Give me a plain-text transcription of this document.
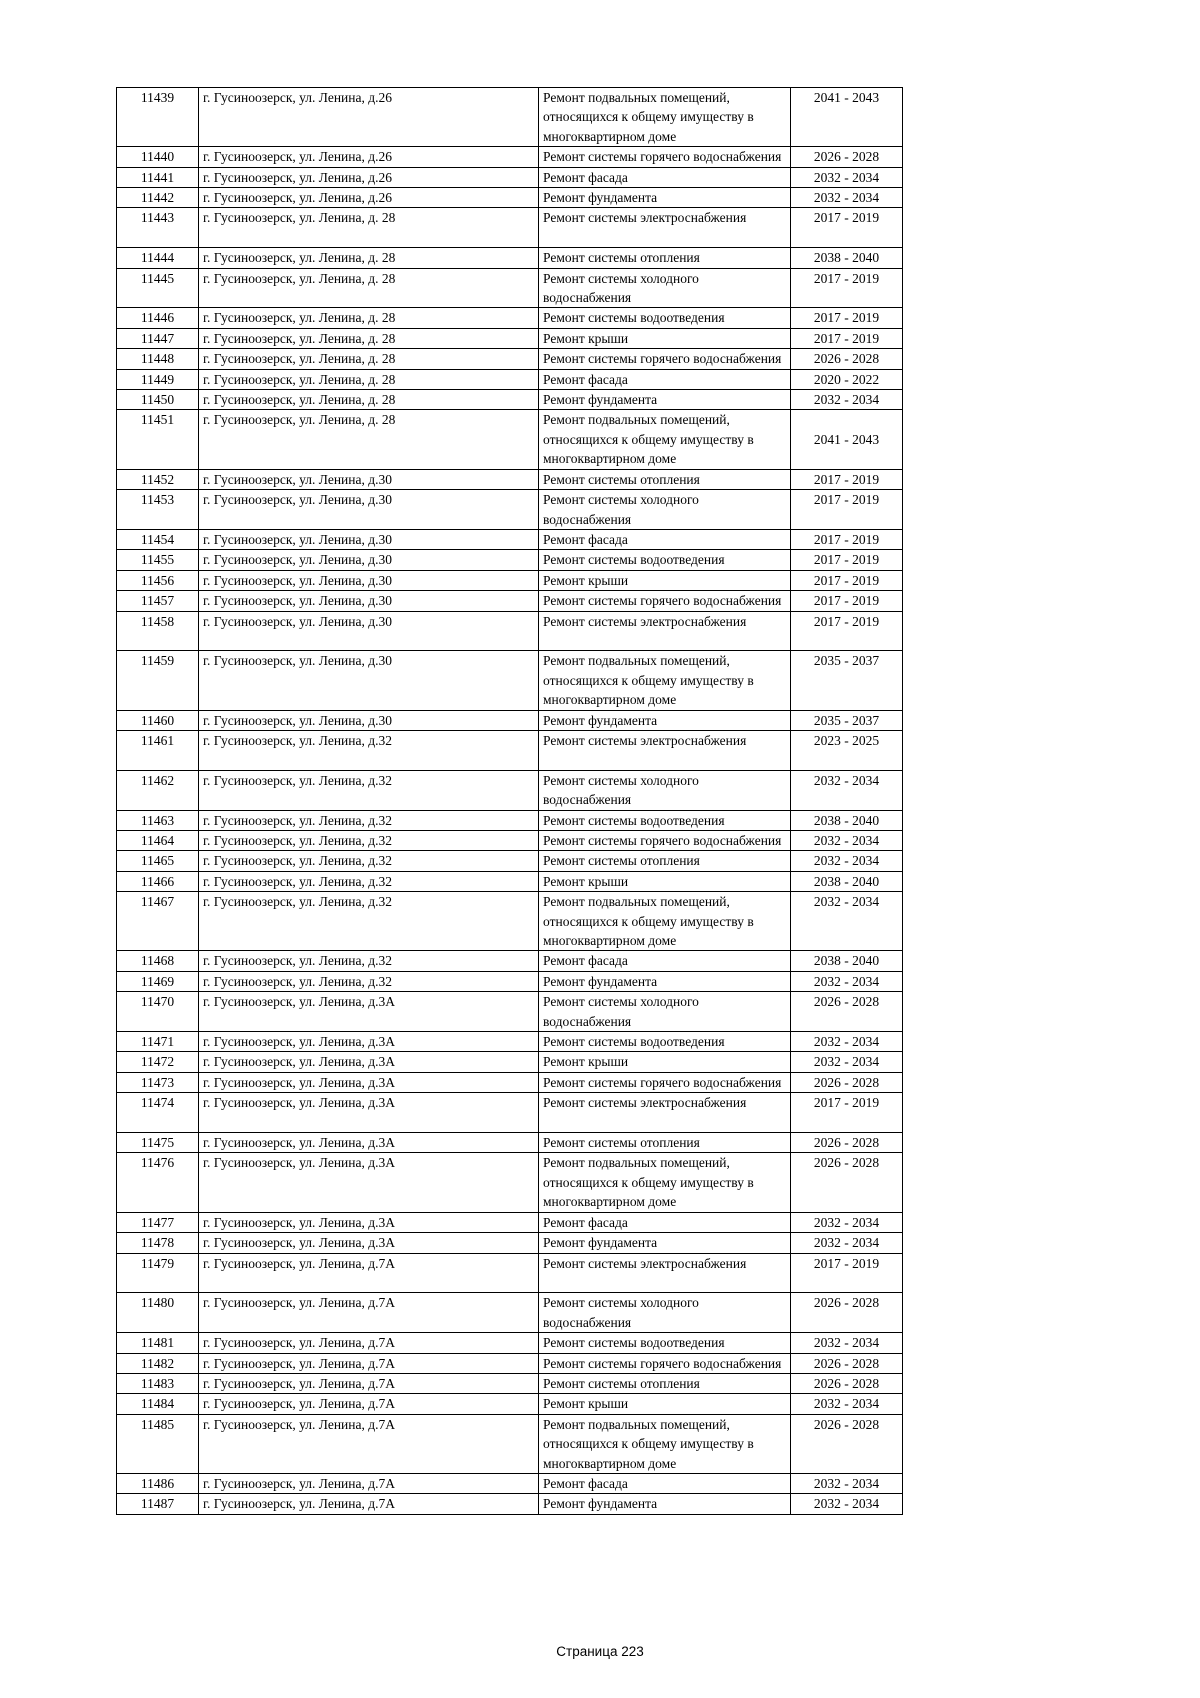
11439	г. Гусиноозерск, ул. Ленина, д.26	Ремонт подвальных помещений, относящихся к общему имуществу в многоквартирном доме	2041 - 2043
11440	г. Гусиноозерск, ул. Ленина, д.26	Ремонт системы горячего водоснабжения	2026 - 2028
11441	г. Гусиноозерск, ул. Ленина, д.26	Ремонт фасада	2032 - 2034
11442	г. Гусиноозерск, ул. Ленина, д.26	Ремонт фундамента	2032 - 2034
11443	г. Гусиноозерск, ул. Ленина, д. 28	Ремонт системы электроснабжения	2017 - 2019
11444	г. Гусиноозерск, ул. Ленина, д. 28	Ремонт системы отопления	2038 - 2040
11445	г. Гусиноозерск, ул. Ленина, д. 28	Ремонт системы холодного водоснабжения	2017 - 2019
11446	г. Гусиноозерск, ул. Ленина, д. 28	Ремонт системы водоотведения	2017 - 2019
11447	г. Гусиноозерск, ул. Ленина, д. 28	Ремонт крыши	2017 - 2019
11448	г. Гусиноозерск, ул. Ленина, д. 28	Ремонт системы горячего водоснабжения	2026 - 2028
11449	г. Гусиноозерск, ул. Ленина, д. 28	Ремонт фасада	2020 - 2022
11450	г. Гусиноозерск, ул. Ленина, д. 28	Ремонт фундамента	2032 - 2034
11451	г. Гусиноозерск, ул. Ленина, д. 28	Ремонт подвальных помещений, относящихся к общему имуществу в многоквартирном доме	2041 - 2043
11452	г. Гусиноозерск, ул. Ленина, д.30	Ремонт системы отопления	2017 - 2019
11453	г. Гусиноозерск, ул. Ленина, д.30	Ремонт системы холодного водоснабжения	2017 - 2019
11454	г. Гусиноозерск, ул. Ленина, д.30	Ремонт фасада	2017 - 2019
11455	г. Гусиноозерск, ул. Ленина, д.30	Ремонт системы водоотведения	2017 - 2019
11456	г. Гусиноозерск, ул. Ленина, д.30	Ремонт крыши	2017 - 2019
11457	г. Гусиноозерск, ул. Ленина, д.30	Ремонт системы горячего водоснабжения	2017 - 2019
11458	г. Гусиноозерск, ул. Ленина, д.30	Ремонт системы электроснабжения	2017 - 2019
11459	г. Гусиноозерск, ул. Ленина, д.30	Ремонт подвальных помещений, относящихся к общему имуществу в многоквартирном доме	2035 - 2037
11460	г. Гусиноозерск, ул. Ленина, д.30	Ремонт фундамента	2035 - 2037
11461	г. Гусиноозерск, ул. Ленина, д.32	Ремонт системы электроснабжения	2023 - 2025
11462	г. Гусиноозерск, ул. Ленина, д.32	Ремонт системы холодного водоснабжения	2032 - 2034
11463	г. Гусиноозерск, ул. Ленина, д.32	Ремонт системы водоотведения	2038 - 2040
11464	г. Гусиноозерск, ул. Ленина, д.32	Ремонт системы горячего водоснабжения	2032 - 2034
11465	г. Гусиноозерск, ул. Ленина, д.32	Ремонт системы отопления	2032 - 2034
11466	г. Гусиноозерск, ул. Ленина, д.32	Ремонт крыши	2038 - 2040
11467	г. Гусиноозерск, ул. Ленина, д.32	Ремонт подвальных помещений, относящихся к общему имуществу в многоквартирном доме	2032 - 2034
11468	г. Гусиноозерск, ул. Ленина, д.32	Ремонт фасада	2038 - 2040
11469	г. Гусиноозерск, ул. Ленина, д.32	Ремонт фундамента	2032 - 2034
11470	г. Гусиноозерск, ул. Ленина, д.3А	Ремонт системы холодного водоснабжения	2026 - 2028
11471	г. Гусиноозерск, ул. Ленина, д.3А	Ремонт системы водоотведения	2032 - 2034
11472	г. Гусиноозерск, ул. Ленина, д.3А	Ремонт крыши	2032 - 2034
11473	г. Гусиноозерск, ул. Ленина, д.3А	Ремонт системы горячего водоснабжения	2026 - 2028
11474	г. Гусиноозерск, ул. Ленина, д.3А	Ремонт системы электроснабжения	2017 - 2019
11475	г. Гусиноозерск, ул. Ленина, д.3А	Ремонт системы отопления	2026 - 2028
11476	г. Гусиноозерск, ул. Ленина, д.3А	Ремонт подвальных помещений, относящихся к общему имуществу в многоквартирном доме	2026 - 2028
11477	г. Гусиноозерск, ул. Ленина, д.3А	Ремонт фасада	2032 - 2034
11478	г. Гусиноозерск, ул. Ленина, д.3А	Ремонт фундамента	2032 - 2034
11479	г. Гусиноозерск, ул. Ленина, д.7А	Ремонт системы электроснабжения	2017 - 2019
11480	г. Гусиноозерск, ул. Ленина, д.7А	Ремонт системы холодного водоснабжения	2026 - 2028
11481	г. Гусиноозерск, ул. Ленина, д.7А	Ремонт системы водоотведения	2032 - 2034
11482	г. Гусиноозерск, ул. Ленина, д.7А	Ремонт системы горячего водоснабжения	2026 - 2028
11483	г. Гусиноозерск, ул. Ленина, д.7А	Ремонт системы отопления	2026 - 2028
11484	г. Гусиноозерск, ул. Ленина, д.7А	Ремонт крыши	2032 - 2034
11485	г. Гусиноозерск, ул. Ленина, д.7А	Ремонт подвальных помещений, относящихся к общему имуществу в многоквартирном доме	2026 - 2028
11486	г. Гусиноозерск, ул. Ленина, д.7А	Ремонт фасада	2032 - 2034
11487	г. Гусиноозерск, ул. Ленина, д.7А	Ремонт фундамента	2032 - 2034
Страница 223
